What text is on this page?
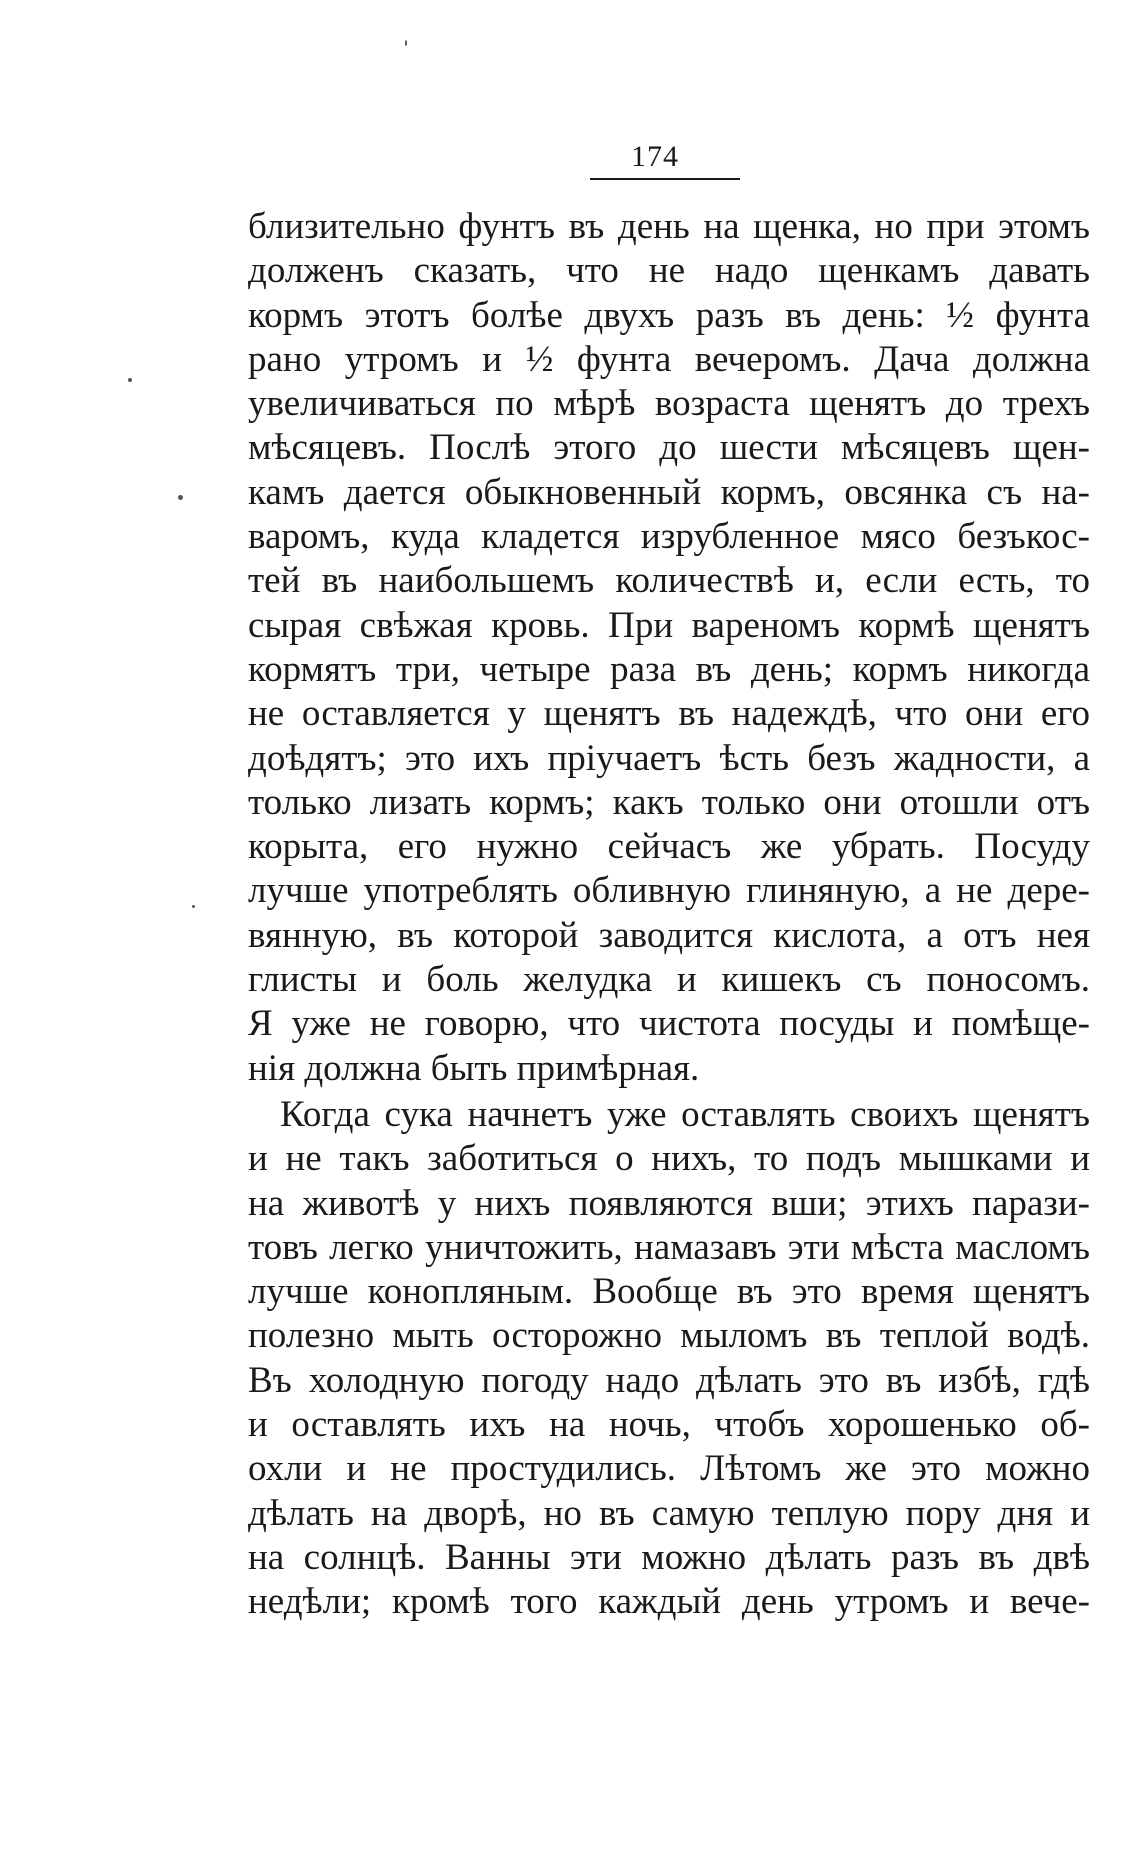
174
близительно фунтъ въ день на щенка, но при этомъ
долженъ сказать, что не надо щенкамъ давать
кормъ этотъ болѣе двухъ разъ въ день: ½ фунта
рано утромъ и ½ фунта вечеромъ. Дача должна
увеличиваться по мѣрѣ возраста щенятъ до трехъ
мѣсяцевъ. Послѣ этого до шести мѣсяцевъ щен-
камъ дается обыкновенный кормъ, овсянка съ на-
варомъ, куда кладется изрубленное мясо безъкос-
тей въ наибольшемъ количествѣ и, если есть, то
сырая свѣжая кровь. При вареномъ кормѣ щенятъ
кормятъ три, четыре раза въ день; кормъ никогда
не оставляется у щенятъ въ надеждѣ, что они его
доѣдятъ; это ихъ пріучаетъ ѣсть безъ жадности, а
только лизать кормъ; какъ только они отошли отъ
корыта, его нужно сейчасъ же убрать. Посуду
лучше употреблять обливную глиняную, а не дере-
вянную, въ которой заводится кислота, а отъ нея
глисты и боль желудка и кишекъ съ поносомъ.
Я уже не говорю, что чистота посуды и помѣще-
нія должна быть примѣрная.
Когда сука начнетъ уже оставлять своихъ щенятъ
и не такъ заботиться о нихъ, то подъ мышками и
на животѣ у нихъ появляются вши; этихъ парази-
товъ легко уничтожить, намазавъ эти мѣста масломъ
лучше конопляным. Вообще въ это время щенятъ
полезно мыть осторожно мыломъ въ теплой водѣ.
Въ холодную погоду надо дѣлать это въ избѣ, гдѣ
и оставлять ихъ на ночь, чтобъ хорошенько об-
охли и не простудились. Лѣтомъ же это можно
дѣлать на дворѣ, но въ самую теплую пору дня и
на солнцѣ. Ванны эти можно дѣлать разъ въ двѣ
недѣли; кромѣ того каждый день утромъ и вече-
